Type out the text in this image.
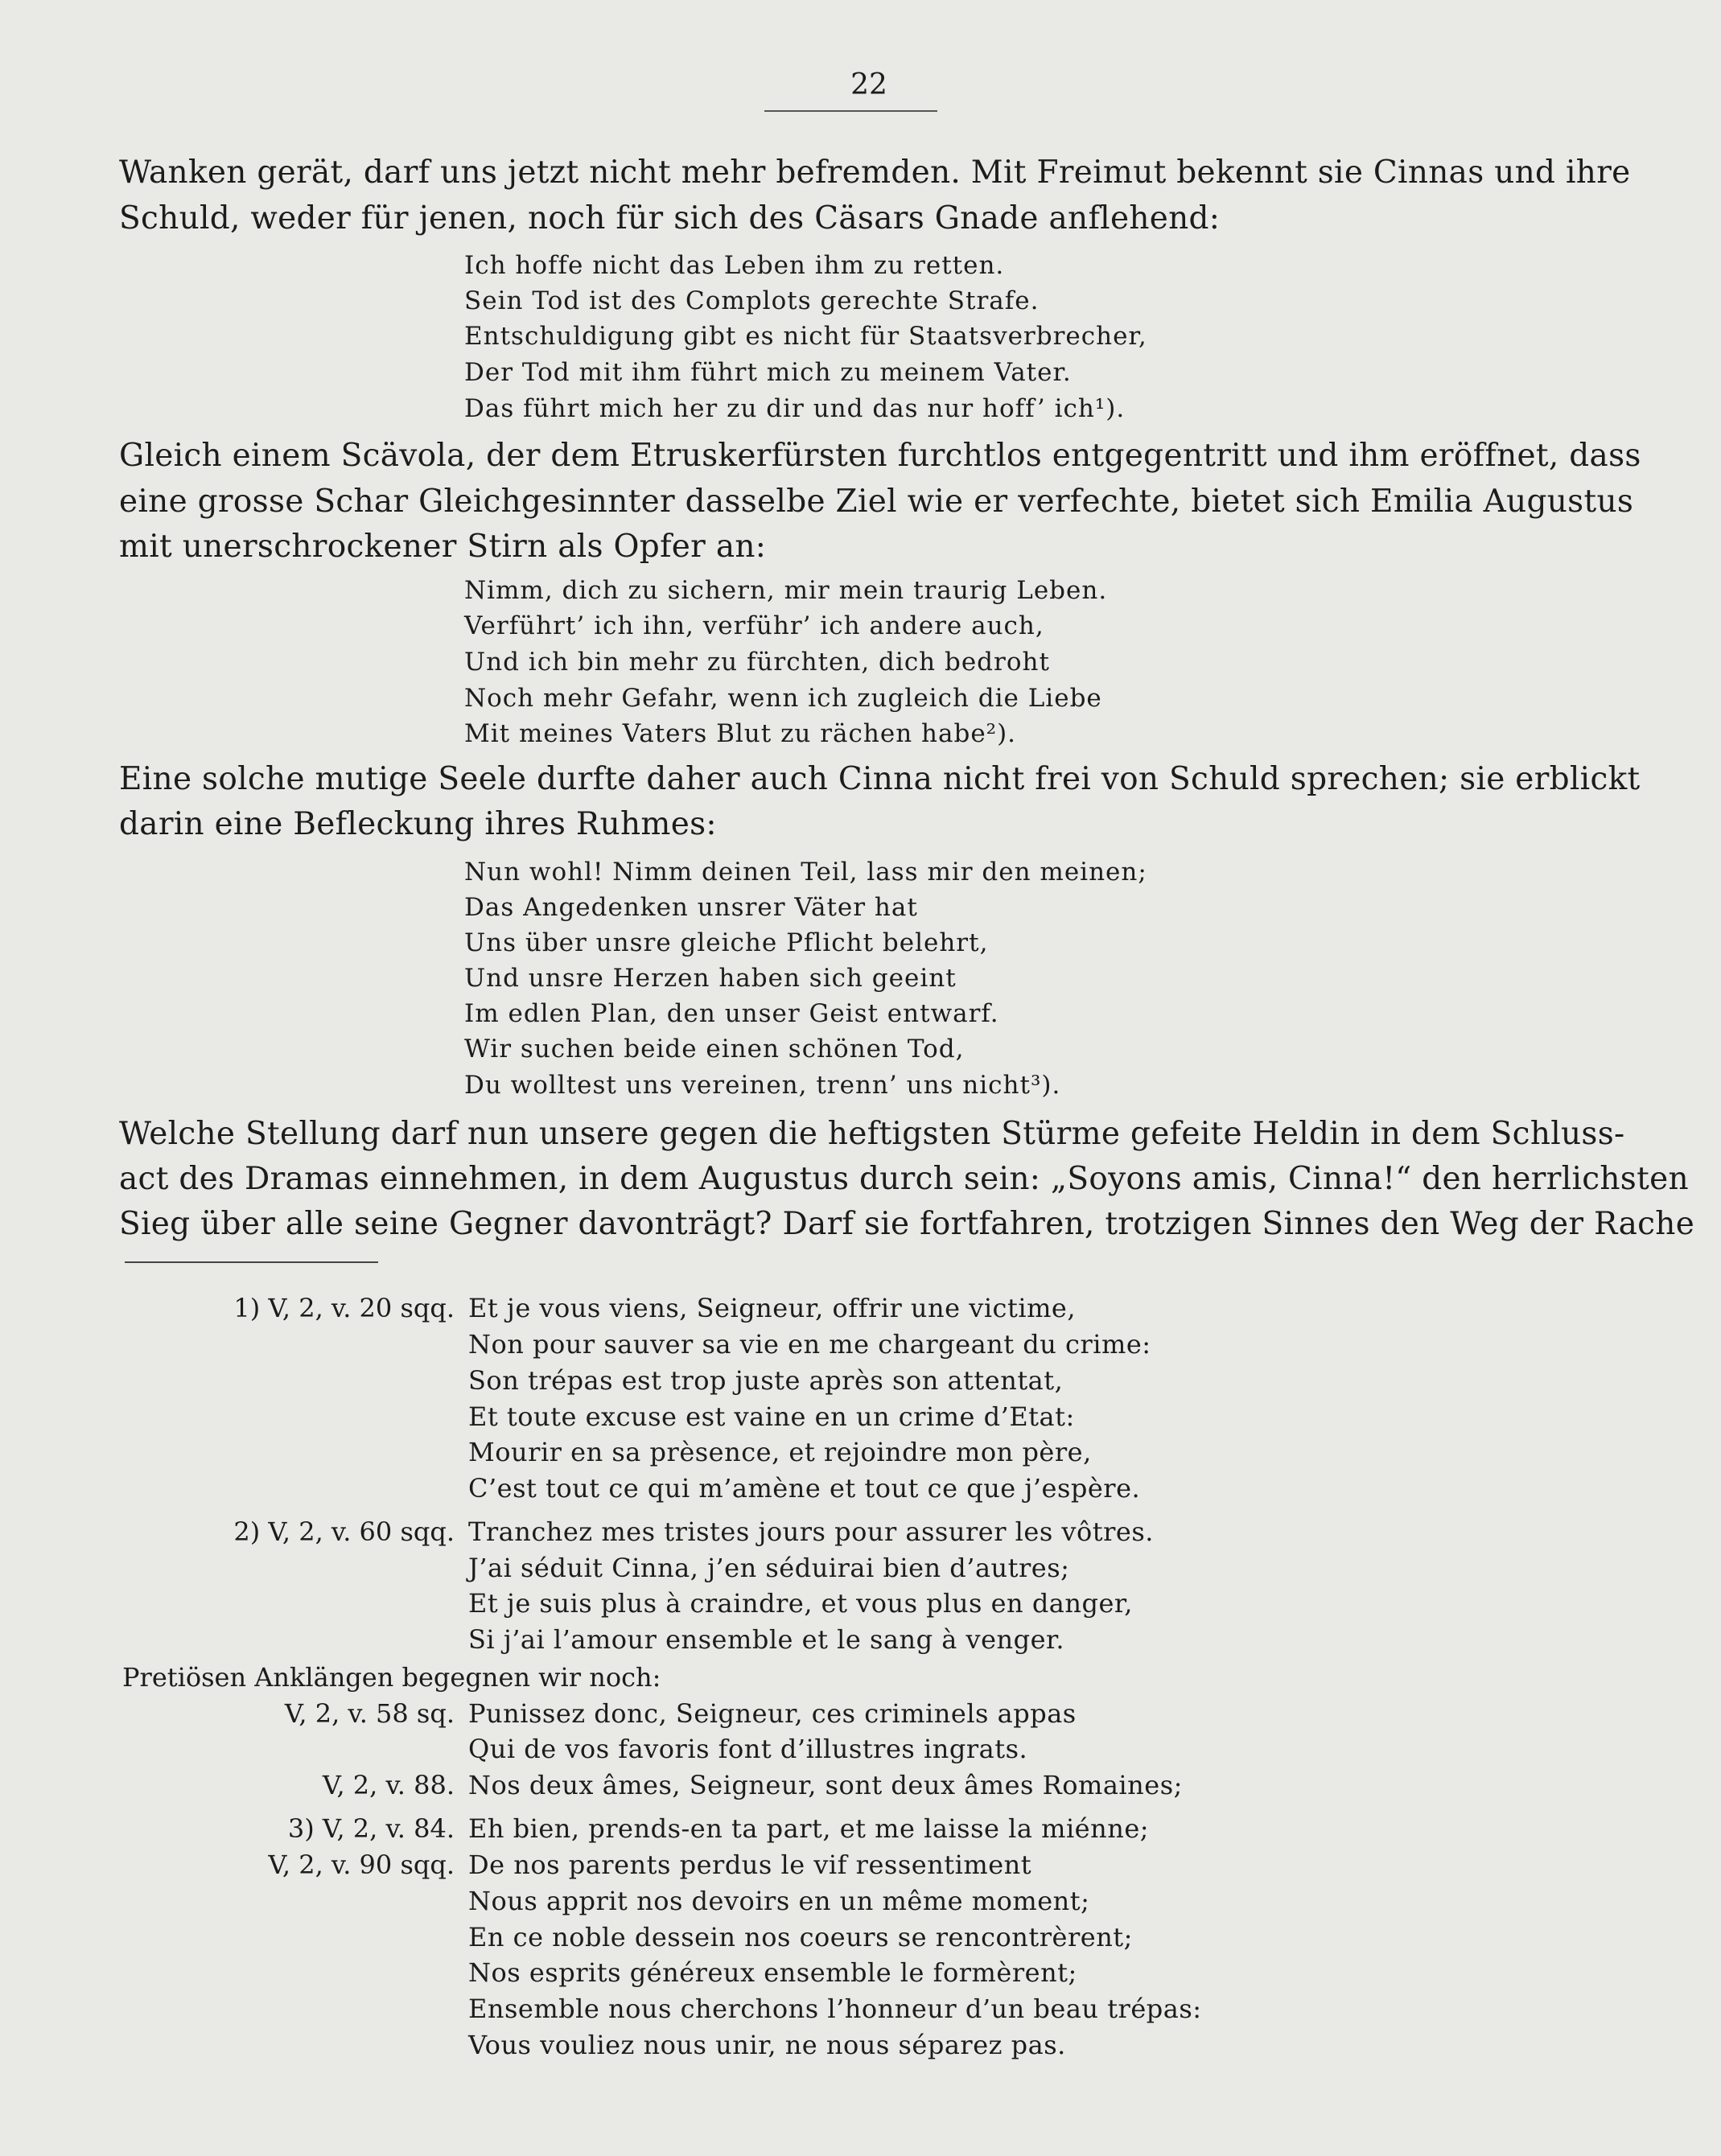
22
Wanken gerät, darf uns jetzt nicht mehr befremden. Mit Freimut bekennt sie Cinnas und ihre
Schuld, weder für jenen, noch für sich des Cäsars Gnade anflehend:
Ich hoffe nicht das Leben ihm zu retten.
Sein Tod ist des Complots gerechte Strafe.
Entschuldigung gibt es nicht für Staatsverbrecher,
Der Tod mit ihm führt mich zu meinem Vater.
Das führt mich her zu dir und das nur hoff’ ich¹).
Gleich einem Scävola, der dem Etruskerfürsten furchtlos entgegentritt und ihm eröffnet, dass
eine grosse Schar Gleichgesinnter dasselbe Ziel wie er verfechte, bietet sich Emilia Augustus
mit unerschrockener Stirn als Opfer an:
Nimm, dich zu sichern, mir mein traurig Leben.
Verführt’ ich ihn, verführ’ ich andere auch,
Und ich bin mehr zu fürchten, dich bedroht
Noch mehr Gefahr, wenn ich zugleich die Liebe
Mit meines Vaters Blut zu rächen habe²).
Eine solche mutige Seele durfte daher auch Cinna nicht frei von Schuld sprechen; sie erblickt
darin eine Befleckung ihres Ruhmes:
Nun wohl! Nimm deinen Teil, lass mir den meinen;
Das Angedenken unsrer Väter hat
Uns über unsre gleiche Pflicht belehrt,
Und unsre Herzen haben sich geeint
Im edlen Plan, den unser Geist entwarf.
Wir suchen beide einen schönen Tod,
Du wolltest uns vereinen, trenn’ uns nicht³).
Welche Stellung darf nun unsere gegen die heftigsten Stürme gefeite Heldin in dem Schluss-
act des Dramas einnehmen, in dem Augustus durch sein: „Soyons amis, Cinna!“ den herrlichsten
Sieg über alle seine Gegner davonträgt? Darf sie fortfahren, trotzigen Sinnes den Weg der Rache
1) V, 2, v. 20 sqq. Et je vous viens, Seigneur, offrir une victime,
Non pour sauver sa vie en me chargeant du crime:
Son trépas est trop juste après son attentat,
Et toute excuse est vaine en un crime d’Etat:
Mourir en sa prèsence, et rejoindre mon père,
C’est tout ce qui m’amène et tout ce que j’espère.
2) V, 2, v. 60 sqq. Tranchez mes tristes jours pour assurer les vôtres.
J’ai séduit Cinna, j’en séduirai bien d’autres;
Et je suis plus à craindre, et vous plus en danger,
Si j’ai l’amour ensemble et le sang à venger.
Pretiösen Anklängen begegnen wir noch:
V, 2, v. 58 sq. Punissez donc, Seigneur, ces criminels appas
Qui de vos favoris font d’illustres ingrats.
V, 2, v. 88. Nos deux âmes, Seigneur, sont deux âmes Romaines;
3) V, 2, v. 84. Eh bien, prends-en ta part, et me laisse la miénne;
V, 2, v. 90 sqq. De nos parents perdus le vif ressentiment
Nous apprit nos devoirs en un même moment;
En ce noble dessein nos coeurs se rencontrèrent;
Nos esprits généreux ensemble le formèrent;
Ensemble nous cherchons l’honneur d’un beau trépas:
Vous vouliez nous unir, ne nous séparez pas.
